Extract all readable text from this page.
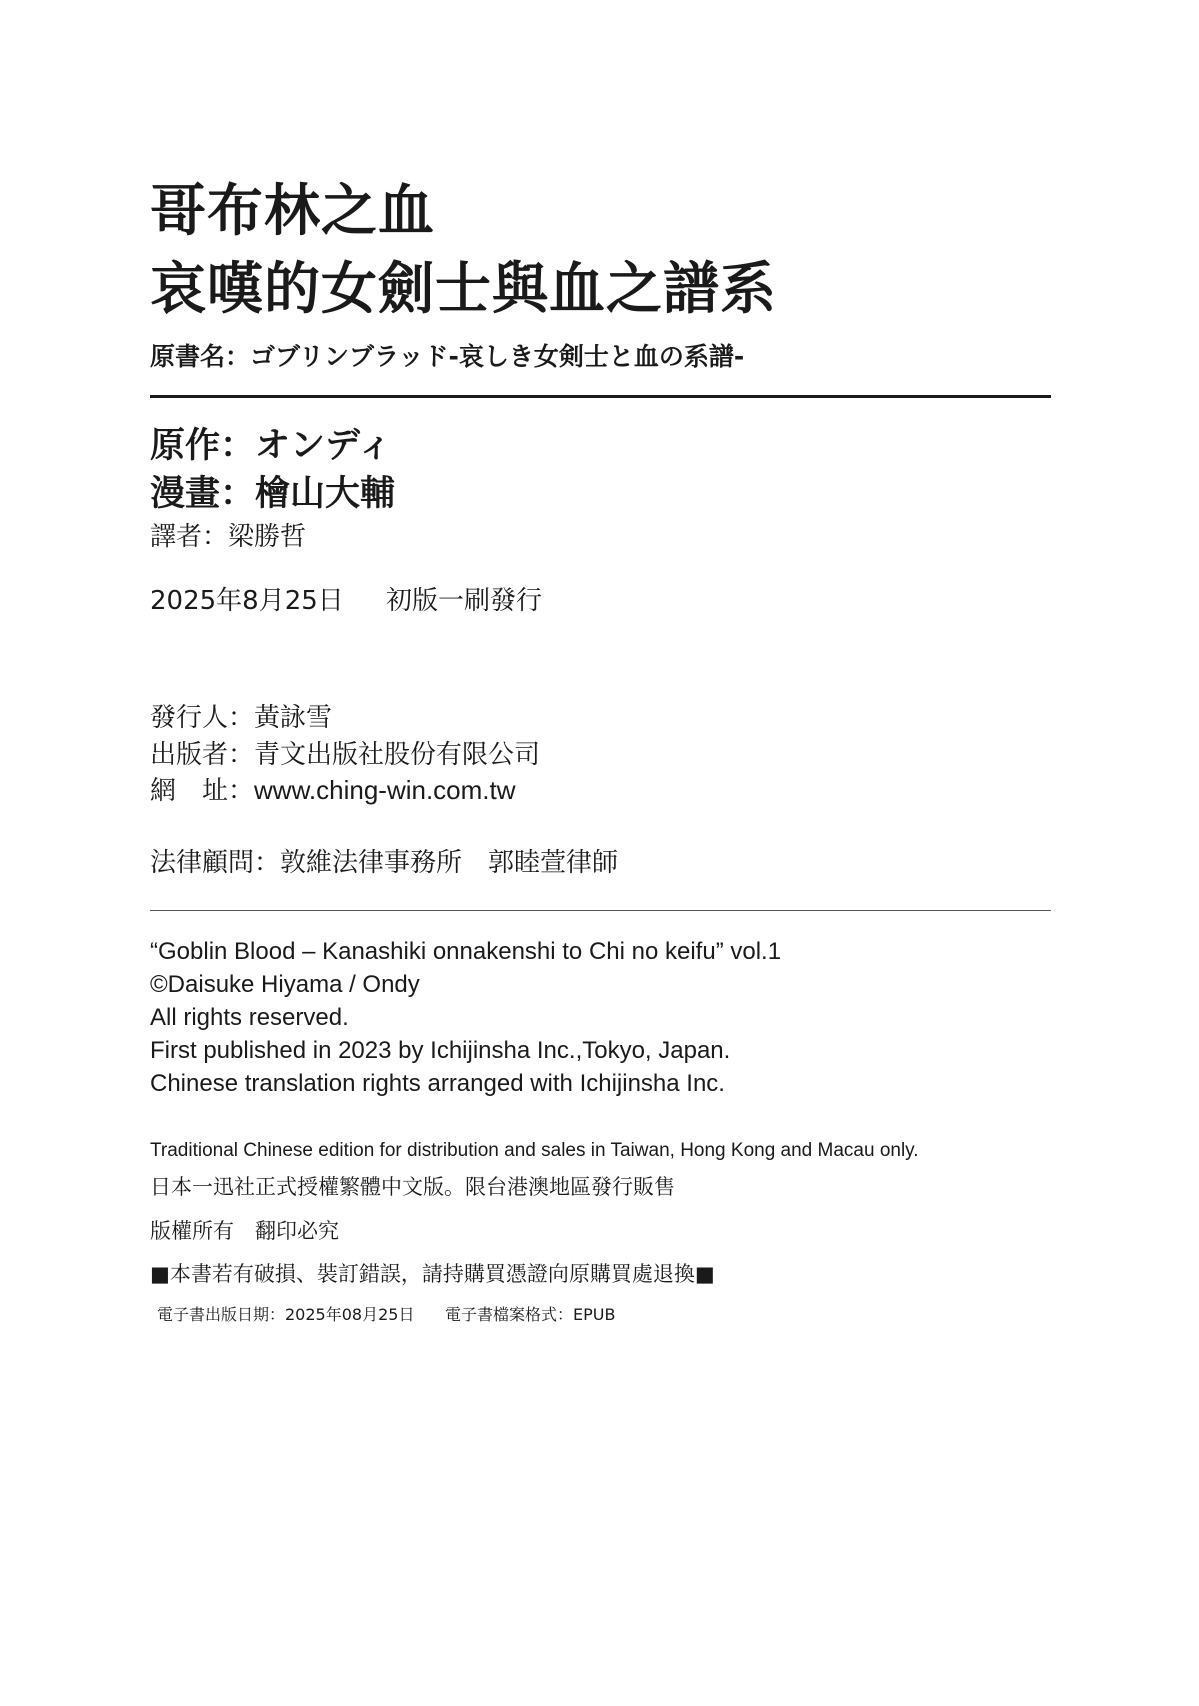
哥布林之血
哀嘆的女劍士與血之譜系
原書名：ゴブリンブラッド-哀しき女剣士と血の系譜-
原作：オンディ
漫畫：檜山大輔
譯者：梁勝哲
2025年8月25日 初版一刷發行
發行人：黃詠雪
出版者：青文出版社股份有限公司
網　址：www.ching-win.com.tw
法律顧問：敦維法律事務所　郭睦萱律師
“Goblin Blood – Kanashiki onnakenshi to Chi no keifu” vol.1
©Daisuke Hiyama / Ondy
All rights reserved.
First published in 2023 by Ichijinsha Inc.,Tokyo, Japan.
Chinese translation rights arranged with Ichijinsha Inc.
Traditional Chinese edition for distribution and sales in Taiwan, Hong Kong and Macau only.
日本一迅社正式授權繁體中文版。限台港澳地區發行販售
版權所有　翻印必究
■本書若有破損、裝訂錯誤，請持購買憑證向原購買處退換■
電子書出版日期：2025年08月25日 電子書檔案格式：EPUB
